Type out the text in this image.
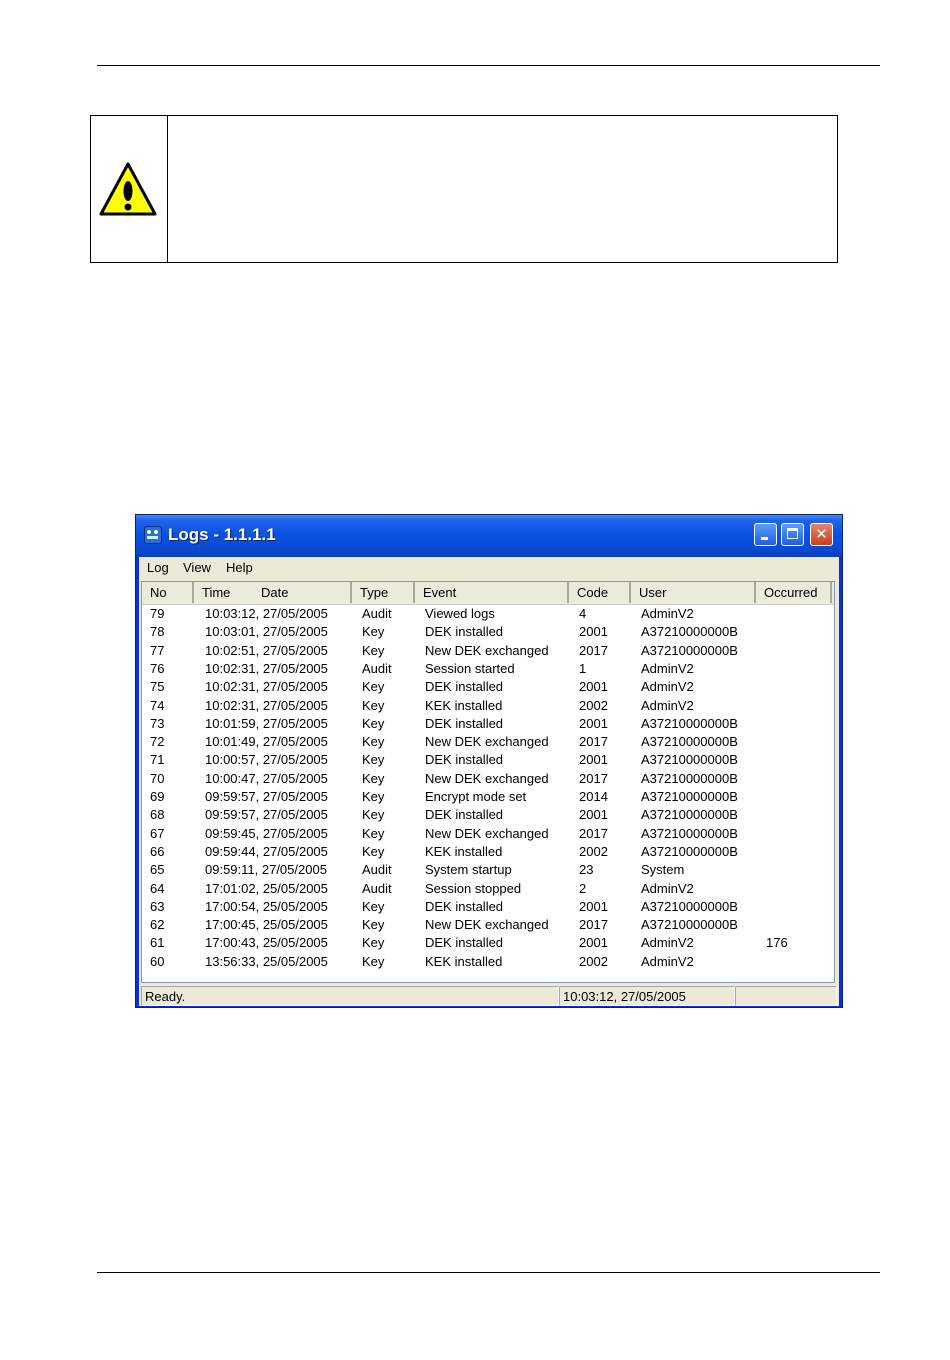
Logs - 1.1.1.1	✕
Log View Help
No	Time Date	Type	Event	Code	User	Occurred
79	10:03:12, 27/05/2005	Audit	Viewed logs	4	AdminV2
78	10:03:01, 27/05/2005	Key	DEK installed	2001	A37210000000B
77	10:02:51, 27/05/2005	Key	New DEK exchanged 2017	A37210000000B
76	10:02:31, 27/05/2005	Audit	Session started	1	AdminV2
75	10:02:31, 27/05/2005	Key	DEK installed	2001	AdminV2
74	10:02:31, 27/05/2005	Key	KEK installed	2002	AdminV2
73	10:01:59, 27/05/2005	Key	DEK installed	2001	A37210000000B
72	10:01:49, 27/05/2005	Key	New DEK exchanged 2017	A37210000000B
71	10:00:57, 27/05/2005	Key	DEK installed	2001	A37210000000B
70	10:00:47, 27/05/2005	Key	New DEK exchanged 2017	A37210000000B
69	09:59:57, 27/05/2005	Key	Encrypt mode set	2014	A37210000000B
68	09:59:57, 27/05/2005	Key	DEK installed	2001	A37210000000B
67	09:59:45, 27/05/2005	Key	New DEK exchanged 2017	A37210000000B
66	09:59:44, 27/05/2005	Key	KEK installed	2002	A37210000000B
65	09:59:11, 27/05/2005	Audit	System startup	23	System
64	17:01:02, 25/05/2005	Audit	Session stopped	2	AdminV2
63	17:00:54, 25/05/2005	Key	DEK installed	2001	A37210000000B
62	17:00:45, 25/05/2005	Key	New DEK exchanged 2017	A37210000000B
61	17:00:43, 25/05/2005	Key	DEK installed	2001	AdminV2	176
60	13:56:33, 25/05/2005	Key	KEK installed	2002	AdminV2
Ready.	10:03:12, 27/05/2005
